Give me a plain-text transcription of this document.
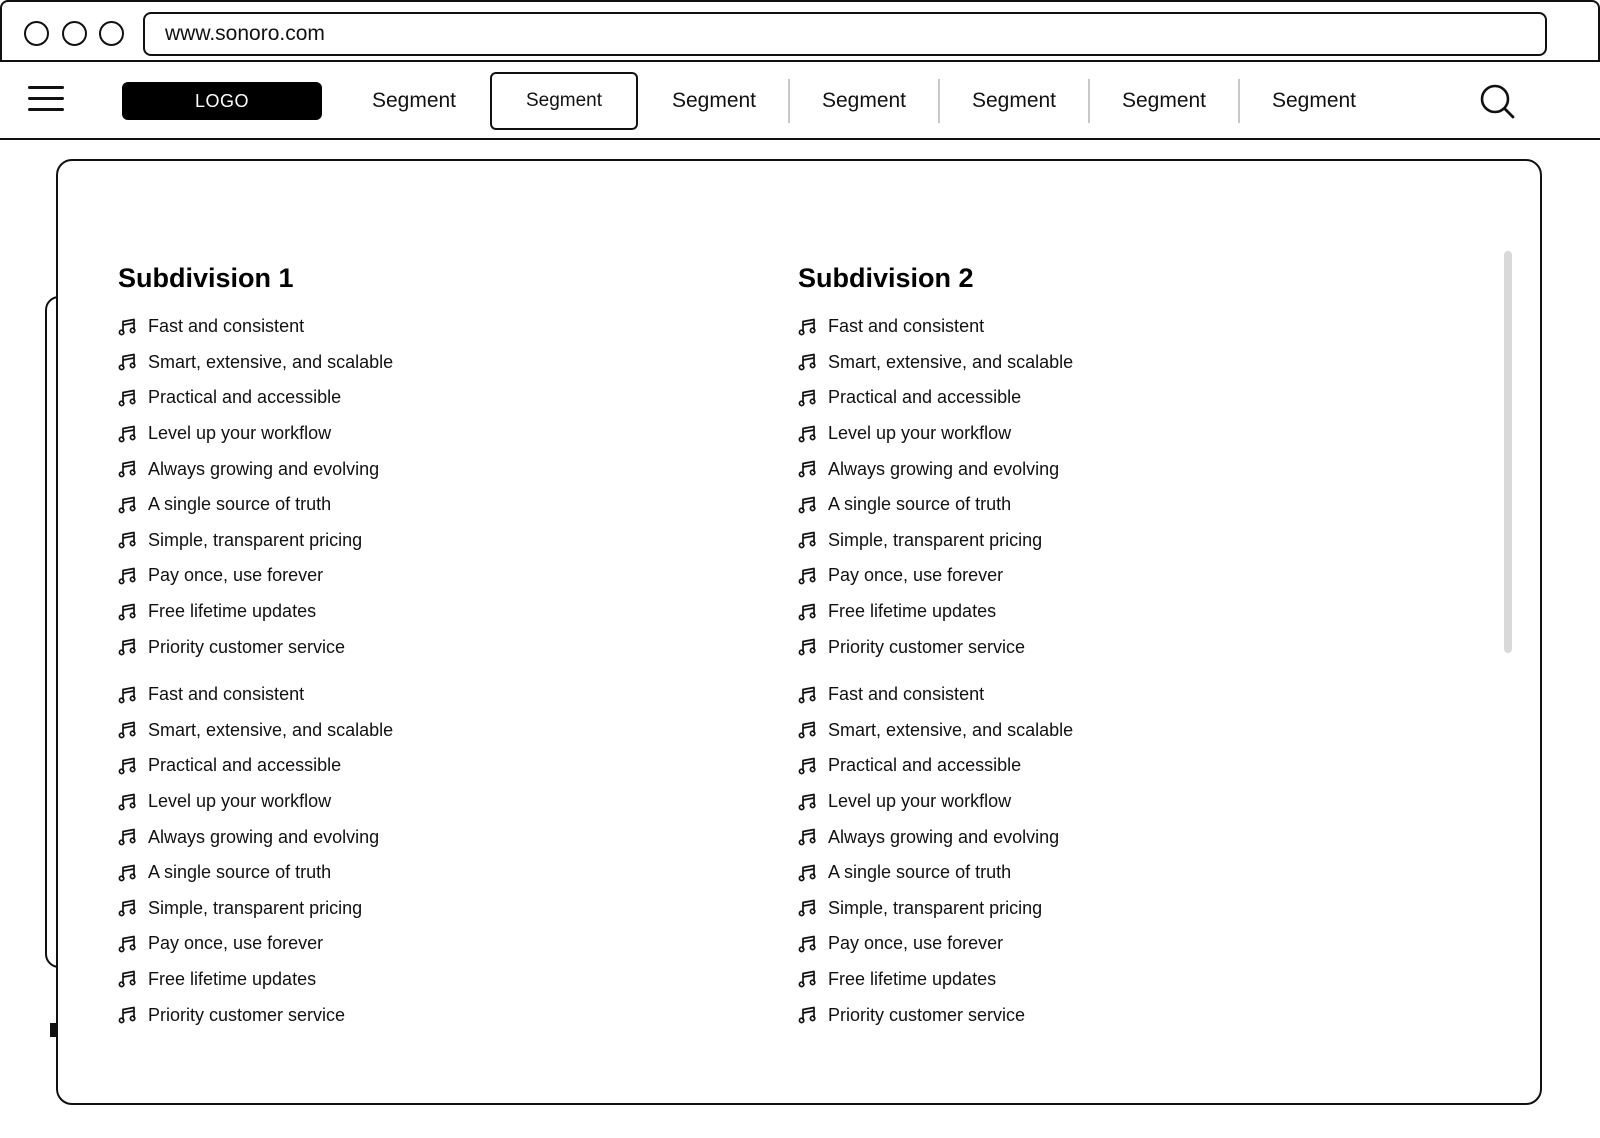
www.sonoro.com
LOGO	Segment	Segment	Segment	Segment	Segment	Segment	Segment
Subdivision 1
Fast and consistent
Smart, extensive, and scalable
Practical and accessible
Level up your workflow
Always growing and evolving
A single source of truth
Simple, transparent pricing
Pay once, use forever
Free lifetime updates
Priority customer service
Fast and consistent
Smart, extensive, and scalable
Practical and accessible
Level up your workflow
Always growing and evolving
A single source of truth
Simple, transparent pricing
Pay once, use forever
Free lifetime updates
Priority customer service
Subdivision 2
Fast and consistent
Smart, extensive, and scalable
Practical and accessible
Level up your workflow
Always growing and evolving
A single source of truth
Simple, transparent pricing
Pay once, use forever
Free lifetime updates
Priority customer service
Fast and consistent
Smart, extensive, and scalable
Practical and accessible
Level up your workflow
Always growing and evolving
A single source of truth
Simple, transparent pricing
Pay once, use forever
Free lifetime updates
Priority customer service
